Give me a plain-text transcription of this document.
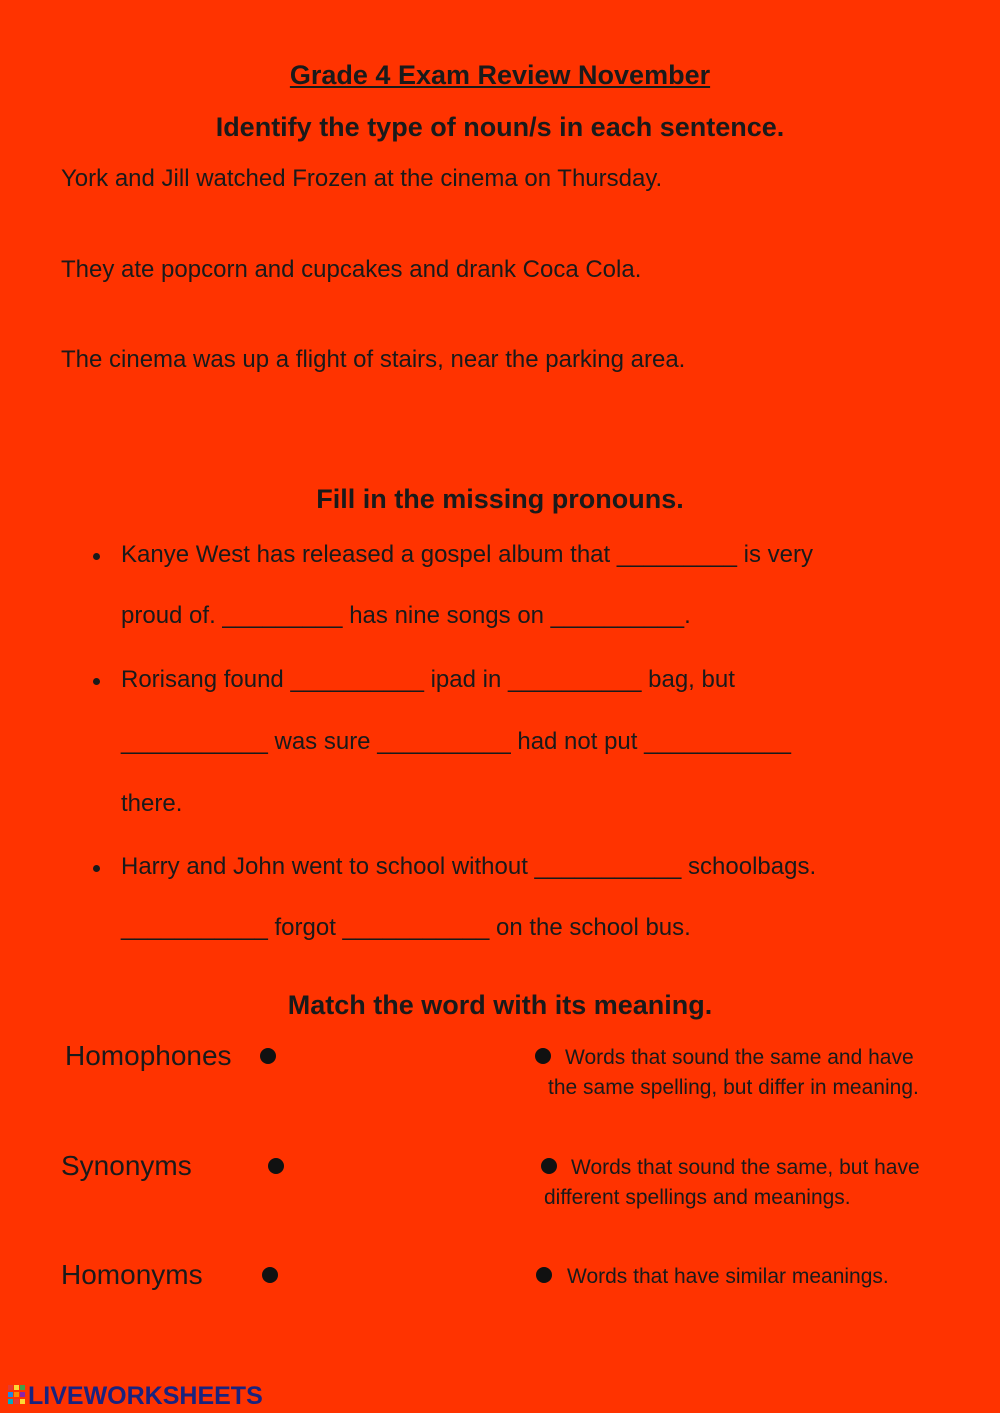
Grade 4 Exam Review November
Identify the type of noun/s in each sentence.
York and Jill watched Frozen at the cinema on Thursday.
They ate popcorn and cupcakes and drank Coca Cola.
The cinema was up a flight of stairs, near the parking area.
Fill in the missing pronouns.
Kanye West has released a gospel album that _________ is very
proud of. _________ has nine songs on __________.
Rorisang found __________ ipad in __________ bag, but
___________ was sure __________ had not put ___________
there.
Harry and John went to school without ___________ schoolbags.
___________ forgot ___________ on the school bus.
Match the word with its meaning.
Homophones	Words that sound the same and have the same spelling, but differ in meaning.
Synonyms	Words that sound the same, but have different spellings and meanings.
Homonyms	Words that have similar meanings.
LIVEWORKSHEETS
